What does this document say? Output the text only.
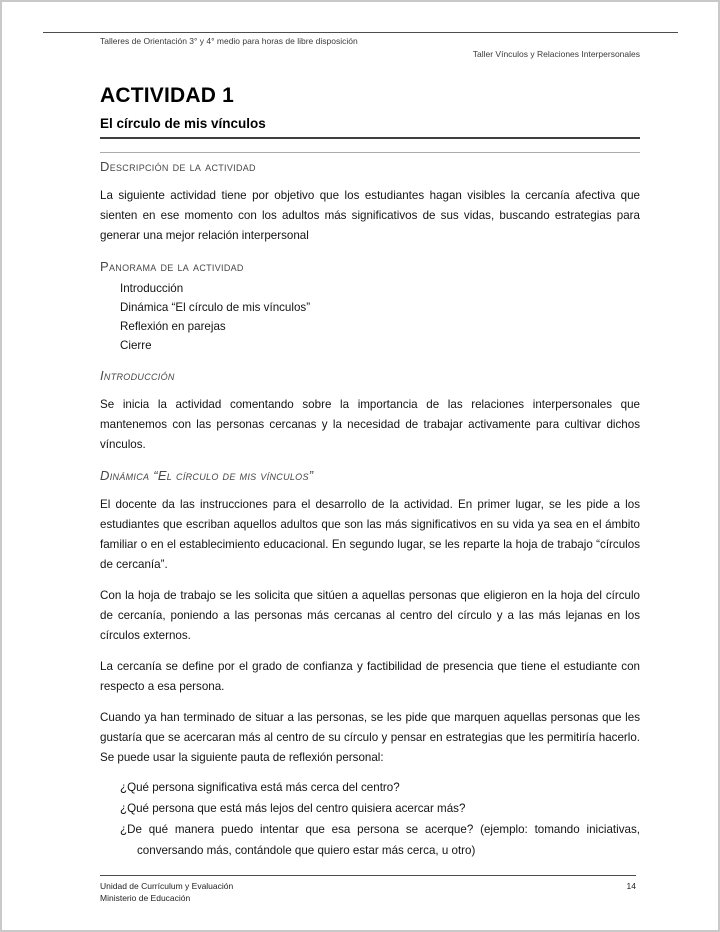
Talleres de Orientación 3° y 4° medio para horas de libre disposición
Taller Vínculos y Relaciones Interpersonales
ACTIVIDAD 1
El círculo de mis vínculos
Descripción de la actividad

La siguiente actividad tiene por objetivo que los estudiantes hagan visibles la cercanía afectiva que sienten en ese momento con los adultos más significativos de sus vidas, buscando estrategias para generar una mejor relación interpersonal

Panorama de la actividad
Introducción
Dinámica “El círculo de mis vínculos”
Reflexión en parejas
Cierre
Introducción

Se inicia la actividad comentando sobre la importancia de las relaciones interpersonales que mantenemos con las personas cercanas y la necesidad de trabajar activamente para cultivar dichos vínculos.

Dinámica “El círculo de mis vínculos”

El docente da las instrucciones para el desarrollo de la actividad. En primer lugar, se les pide a los estudiantes que escriban aquellos adultos que son las más significativos en su vida ya sea en el ámbito familiar o en el establecimiento educacional. En segundo lugar, se les reparte la hoja de trabajo “círculos de cercanía”.

Con la hoja de trabajo se les solicita que sitúen a aquellas personas que eligieron en la hoja del círculo de cercanía, poniendo a las personas más cercanas al centro del círculo y a las más lejanas en los círculos externos.

La cercanía se define por el grado de confianza y factibilidad de presencia que tiene el estudiante con respecto a esa persona.

Cuando ya han terminado de situar a las personas, se les pide que marquen aquellas personas que les gustaría que se acercaran más al centro de su círculo y pensar en estrategias que les permitiría hacerlo. Se puede usar la siguiente pauta de reflexión personal:

¿Qué persona significativa está más cerca del centro?
¿Qué persona que está más lejos del centro quisiera acercar más?
¿De qué manera puedo intentar que esa persona se acerque? (ejemplo: tomando iniciativas, conversando más, contándole que quiero estar más cerca, u otro)
Unidad de Currículum y Evaluación
Ministerio de Educación
14
